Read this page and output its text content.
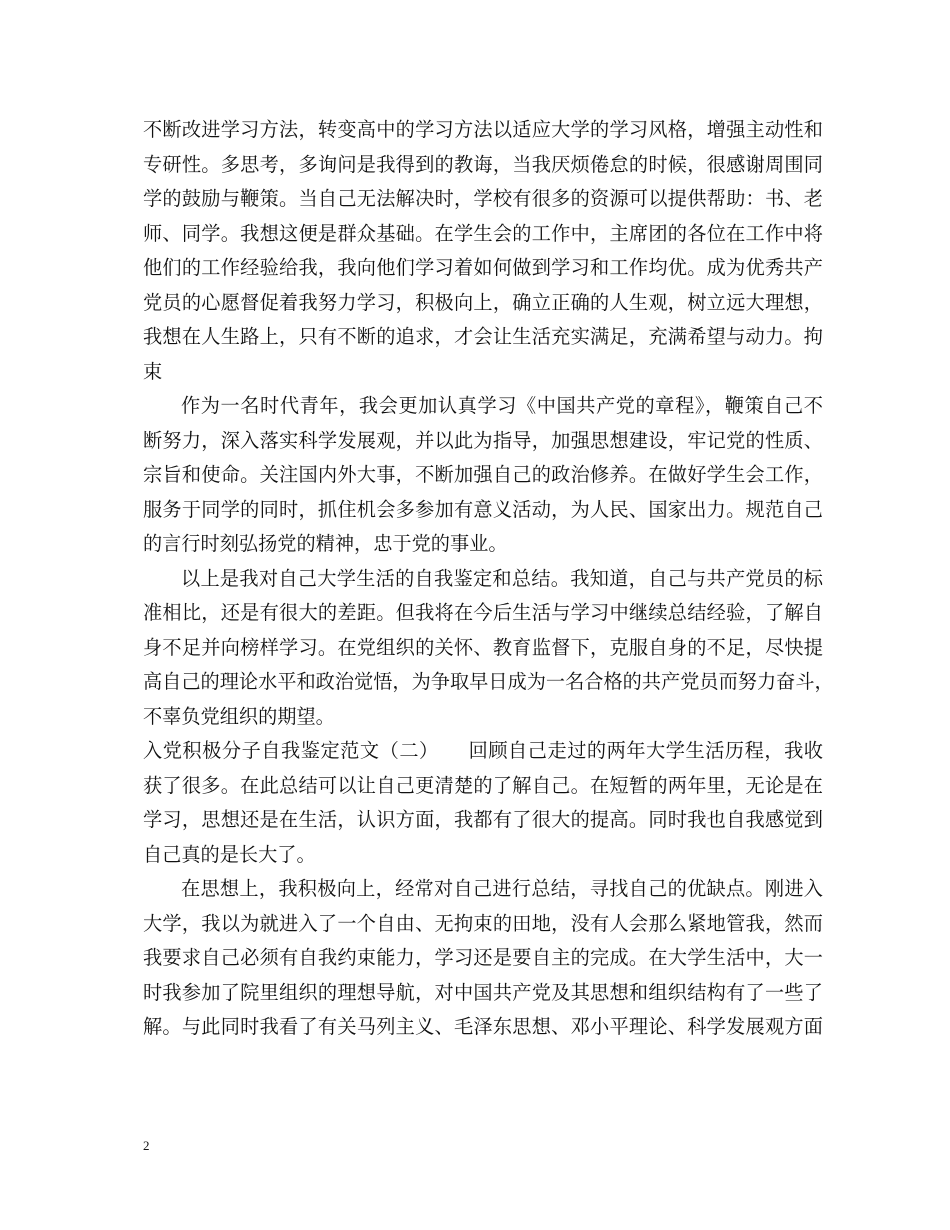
不断改进学习方法，转变高中的学习方法以适应大学的学习风格，增强主动性和
专研性。多思考，多询问是我得到的教诲，当我厌烦倦怠的时候，很感谢周围同
学的鼓励与鞭策。当自己无法解决时，学校有很多的资源可以提供帮助：书、老
师、同学。我想这便是群众基础。在学生会的工作中，主席团的各位在工作中将
他们的工作经验给我，我向他们学习着如何做到学习和工作均优。成为优秀共产
党员的心愿督促着我努力学习，积极向上，确立正确的人生观，树立远大理想，
我想在人生路上，只有不断的追求，才会让生活充实满足，充满希望与动力。拘
束
作为一名时代青年，我会更加认真学习《中国共产党的章程》，鞭策自己不
断努力，深入落实科学发展观，并以此为指导，加强思想建设，牢记党的性质、
宗旨和使命。关注国内外大事，不断加强自己的政治修养。在做好学生会工作，
服务于同学的同时，抓住机会多参加有意义活动，为人民、国家出力。规范自己
的言行时刻弘扬党的精神，忠于党的事业。
以上是我对自己大学生活的自我鉴定和总结。我知道，自己与共产党员的标
准相比，还是有很大的差距。但我将在今后生活与学习中继续总结经验，了解自
身不足并向榜样学习。在党组织的关怀、教育监督下，克服自身的不足，尽快提
高自己的理论水平和政治觉悟，为争取早日成为一名合格的共产党员而努力奋斗，
不辜负党组织的期望。
入党积极分子自我鉴定范文（二）　　回顾自己走过的两年大学生活历程，我收
获了很多。在此总结可以让自己更清楚的了解自己。在短暂的两年里，无论是在
学习，思想还是在生活，认识方面，我都有了很大的提高。同时我也自我感觉到
自己真的是长大了。
在思想上，我积极向上，经常对自己进行总结，寻找自己的优缺点。刚进入
大学，我以为就进入了一个自由、无拘束的田地，没有人会那么紧地管我，然而
我要求自己必须有自我约束能力，学习还是要自主的完成。在大学生活中，大一
时我参加了院里组织的理想导航，对中国共产党及其思想和组织结构有了一些了
解。与此同时我看了有关马列主义、毛泽东思想、邓小平理论、科学发展观方面
2
